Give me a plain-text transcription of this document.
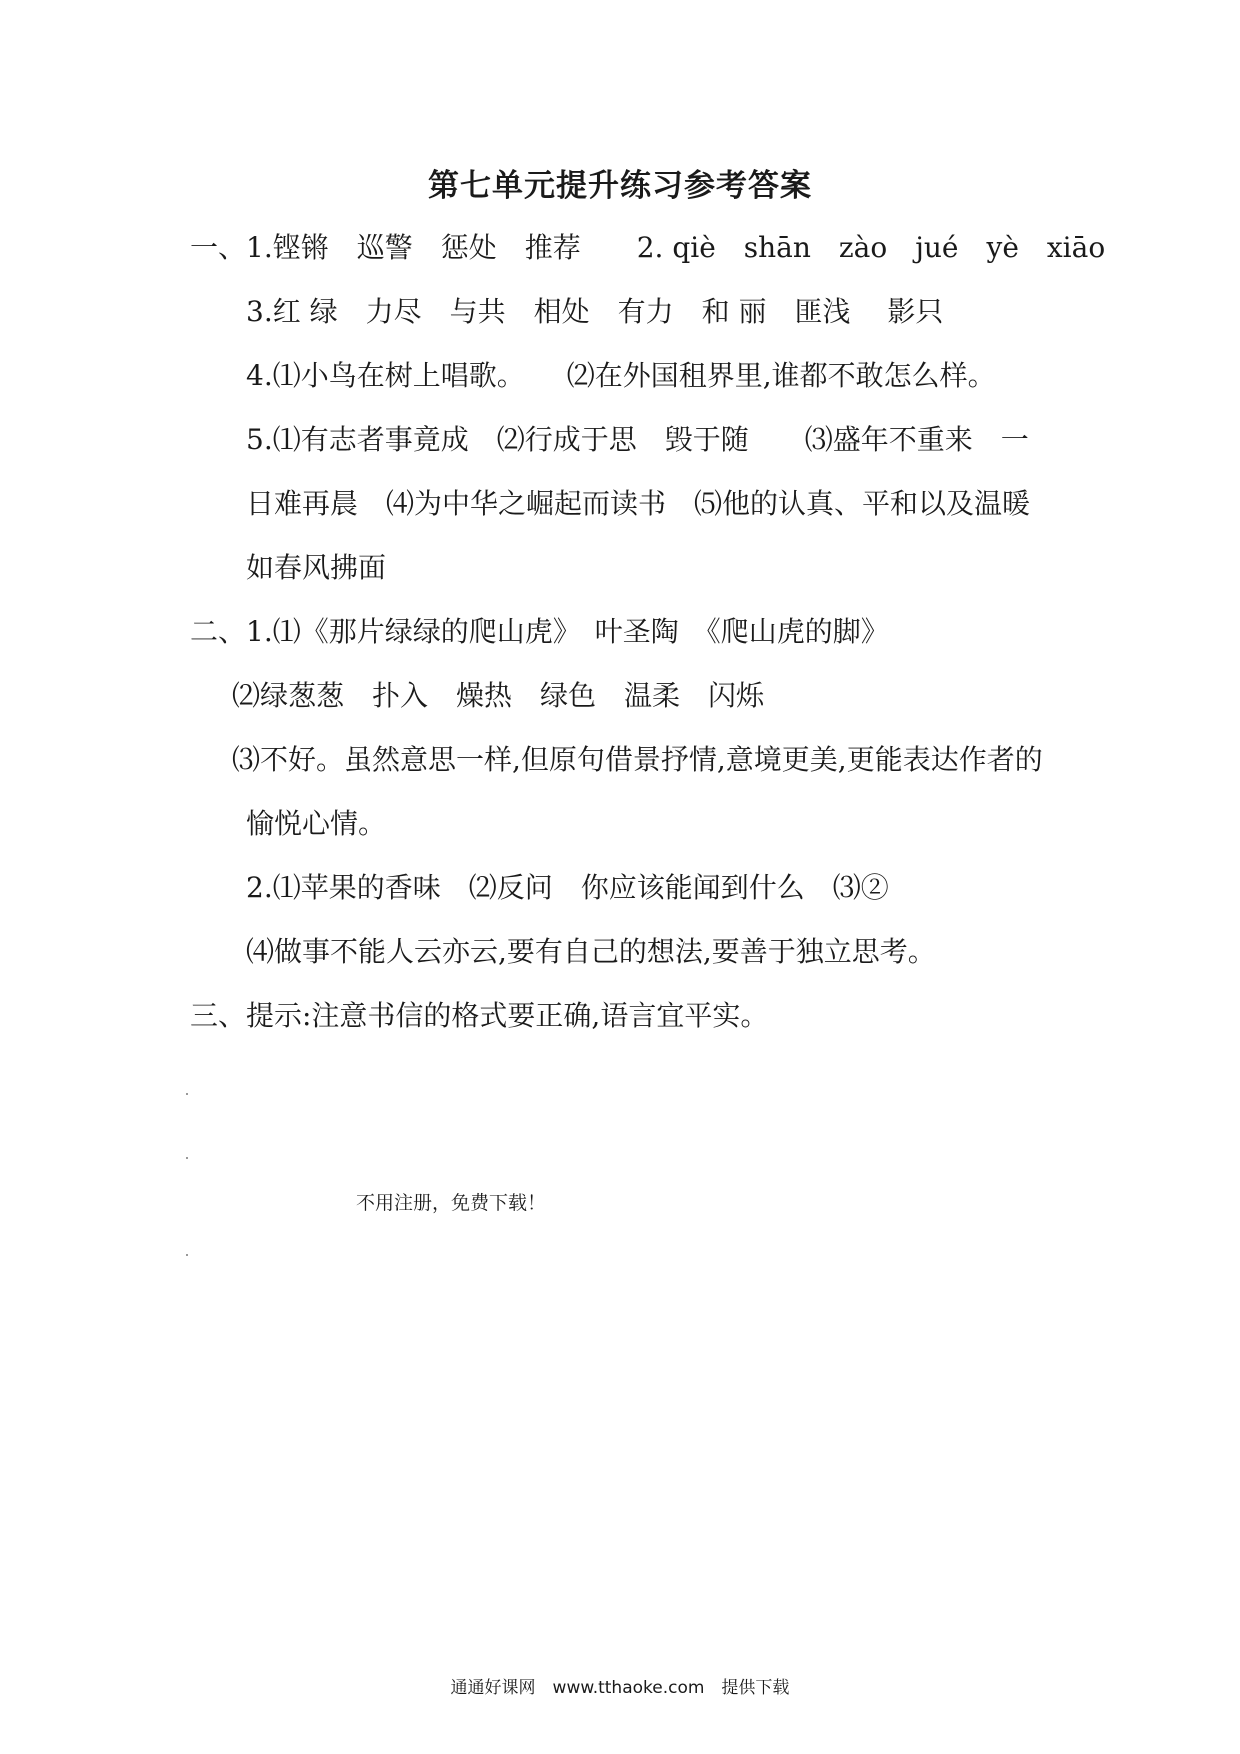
第七单元提升练习参考答案
一、1.铿锵　巡警　惩处　推荐　　2. qiè　shān　zào　jué　yè　xiāo
3.红 绿　力尽　与共　相处　有力　和 丽　匪浅　 影只
4.⑴小鸟在树上唱歌。　　⑵在外国租界里,谁都不敢怎么样。
5.⑴有志者事竟成　⑵行成于思　毁于随　　⑶盛年不重来　一
日难再晨　⑷为中华之崛起而读书　⑸他的认真、平和以及温暖
如春风拂面
二、1.⑴《那片绿绿的爬山虎》　叶圣陶　《爬山虎的脚》
⑵绿葱葱　扑入　燥热　绿色　温柔　闪烁
⑶不好。虽然意思一样,但原句借景抒情,意境更美,更能表达作者的
愉悦心情。
2.⑴苹果的香味　⑵反问　你应该能闻到什么　⑶②
⑷做事不能人云亦云,要有自己的想法,要善于独立思考。
三、提示:注意书信的格式要正确,语言宜平实。
不用注册，免费下载！
通通好课网　www.tthaoke.com　提供下载
